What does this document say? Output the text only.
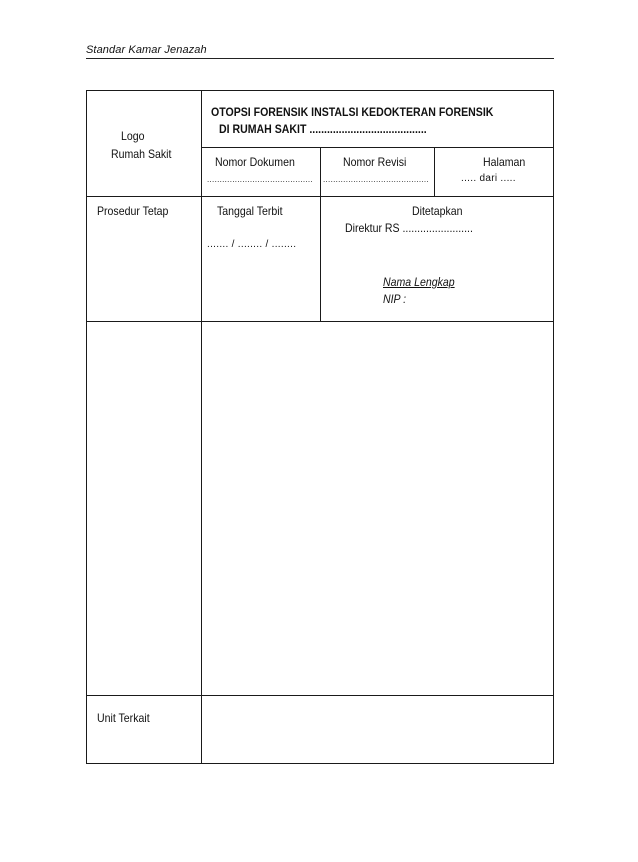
Standar Kamar Jenazah
Logo
Rumah Sakit
OTOPSI FORENSIK INSTALSI KEDOKTERAN FORENSIK
DI RUMAH SAKIT ........................................
Nomor Dokumen
..........................................
Nomor Revisi
..........................................
Halaman
..... dari .....
Prosedur Tetap	Tanggal Terbit
....... / ........ / ........
Ditetapkan
Direktur RS ........................
Nama Lengkap
NIP :
Unit Terkait
